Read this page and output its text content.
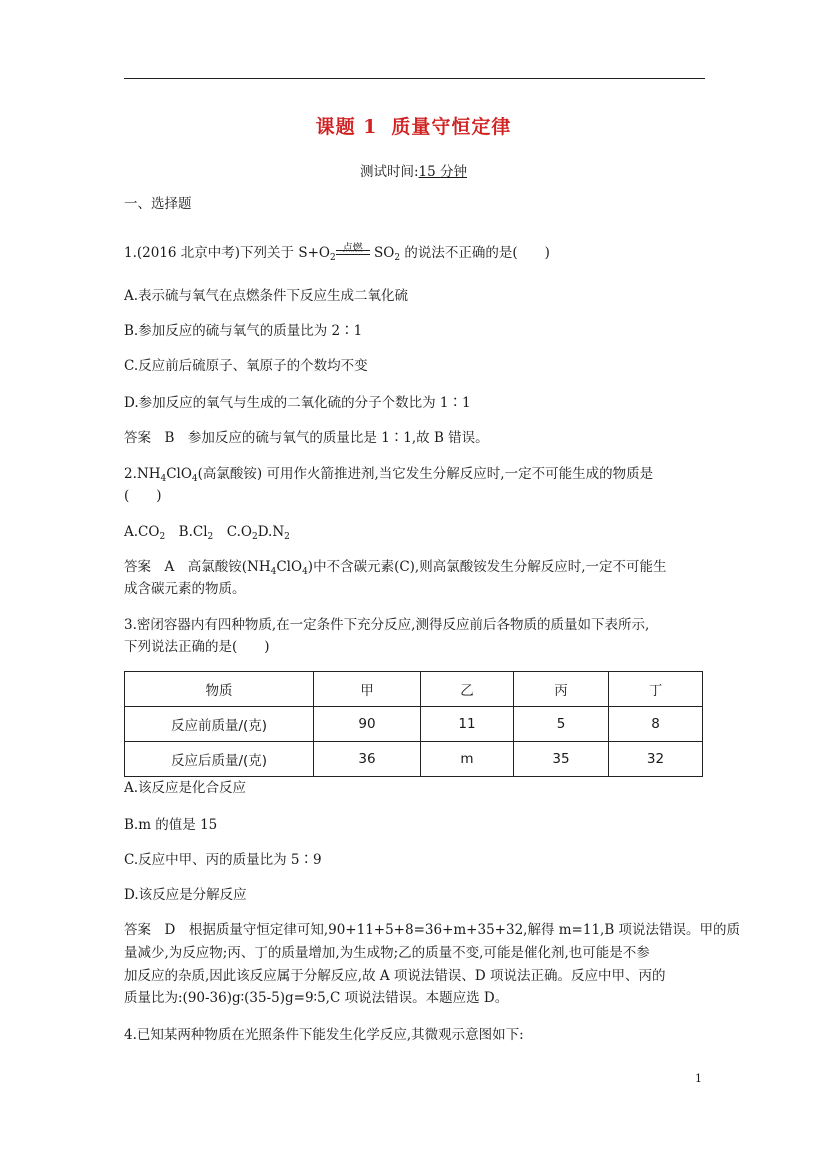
课题 1 质量守恒定律
测试时间:15 分钟
一、选择题
1.(2016 北京中考)下列关于 $S+O_2$
点燃 $SO_2$ 的说法不正确的是(　　)
A.表示硫与氧气在点燃条件下反应生成二氧化硫
B.参加反应的硫与氧气的质量比为 2∶1
C.反应前后硫原子、氧原子的个数均不变
D.参加反应的氧气与生成的二氧化硫的分子个数比为 1∶1
答案　B　参加反应的硫与氧气的质量比是 1∶1,故 B 错误。
$2.NH_4ClO_4$(高氯酸铵) 可用作火箭推进剂,当它发生分解反应时,一定不可能生成的物质是
(　　)
$A.CO_2$　$B.Cl_2$　$C.O_2D.N_2$
答案　A　高氯酸铵$(NH_4ClO_4)$中不含碳元素(C),则高氯酸铵发生分解反应时,一定不可能生
成含碳元素的物质。
3.密闭容器内有四种物质,在一定条件下充分反应,测得反应前后各物质的质量如下表所示,
下列说法正确的是(　　)
物质	甲	乙	丙	丁
反应前质量/(克)	90	11	5	8
反应后质量/(克)	36	m	35	32
A.该反应是化合反应
B.m 的值是 15
C.反应中甲、丙的质量比为 5∶9
D.该反应是分解反应
答案　D　根据质量守恒定律可知,90+11+5+8=36+m+35+32,解得 m=11,B 项说法错误。甲的质
量减少,为反应物;丙、丁的质量增加,为生成物;乙的质量不变,可能是催化剂,也可能是不参
加反应的杂质,因此该反应属于分解反应,故 A 项说法错误、D 项说法正确。反应中甲、丙的
质量比为:(90-36)g∶(35-5)g=9∶5,C 项说法错误。本题应选 D。
4.已知某两种物质在光照条件下能发生化学反应,其微观示意图如下:
1
